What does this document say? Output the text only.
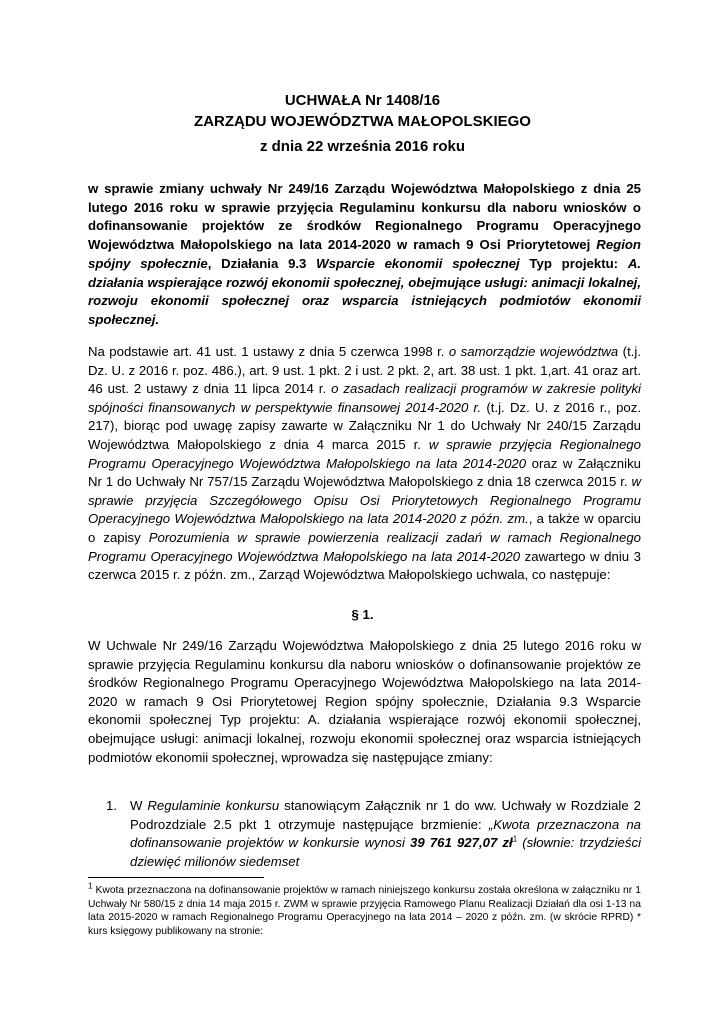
UCHWAŁA Nr 1408/16
ZARZĄDU WOJEWÓDZTWA MAŁOPOLSKIEGO
z dnia 22 września 2016 roku
w sprawie zmiany uchwały Nr 249/16 Zarządu Województwa Małopolskiego z dnia 25 lutego 2016 roku w sprawie przyjęcia Regulaminu konkursu dla naboru wniosków o dofinansowanie projektów ze środków Regionalnego Programu Operacyjnego Województwa Małopolskiego na lata 2014-2020 w ramach 9 Osi Priorytetowej Region spójny społecznie, Działania 9.3 Wsparcie ekonomii społecznej Typ projektu: A. działania wspierające rozwój ekonomii społecznej, obejmujące usługi: animacji lokalnej, rozwoju ekonomii społecznej oraz wsparcia istniejących podmiotów ekonomii społecznej.
Na podstawie art. 41 ust. 1 ustawy z dnia 5 czerwca 1998 r. o samorządzie województwa (t.j. Dz. U. z 2016 r. poz. 486.), art. 9 ust. 1 pkt. 2 i ust. 2 pkt. 2, art. 38 ust. 1 pkt. 1,art. 41 oraz art. 46 ust. 2 ustawy z dnia 11 lipca 2014 r. o zasadach realizacji programów w zakresie polityki spójności finansowanych w perspektywie finansowej 2014-2020 r. (t.j. Dz. U. z 2016 r., poz. 217), biorąc pod uwagę zapisy zawarte w Załączniku Nr 1 do Uchwały Nr 240/15 Zarządu Województwa Małopolskiego z dnia 4 marca 2015 r. w sprawie przyjęcia Regionalnego Programu Operacyjnego Województwa Małopolskiego na lata 2014-2020 oraz w Załączniku Nr 1 do Uchwały Nr 757/15 Zarządu Województwa Małopolskiego z dnia 18 czerwca 2015 r. w sprawie przyjęcia Szczegółowego Opisu Osi Priorytetowych Regionalnego Programu Operacyjnego Województwa Małopolskiego na lata 2014-2020 z późn. zm., a także w oparciu o zapisy Porozumienia w sprawie powierzenia realizacji zadań w ramach Regionalnego Programu Operacyjnego Województwa Małopolskiego na lata 2014-2020 zawartego w dniu 3 czerwca 2015 r. z późn. zm., Zarząd Województwa Małopolskiego uchwala, co następuje:
§ 1.
W Uchwale Nr 249/16 Zarządu Województwa Małopolskiego z dnia 25 lutego 2016 roku w sprawie przyjęcia Regulaminu konkursu dla naboru wniosków o dofinansowanie projektów ze środków Regionalnego Programu Operacyjnego Województwa Małopolskiego na lata 2014-2020 w ramach 9 Osi Priorytetowej Region spójny społecznie, Działania 9.3 Wsparcie ekonomii społecznej Typ projektu: A. działania wspierające rozwój ekonomii społecznej, obejmujące usługi: animacji lokalnej, rozwoju ekonomii społecznej oraz wsparcia istniejących podmiotów ekonomii społecznej, wprowadza się następujące zmiany:
1. W Regulaminie konkursu stanowiącym Załącznik nr 1 do ww. Uchwały w Rozdziale 2 Podrozdziale 2.5 pkt 1 otrzymuje następujące brzmienie: „Kwota przeznaczona na dofinansowanie projektów w konkursie wynosi 39 761 927,07 $zł^1$ (słownie: trzydzieści dziewięć milionów siedemset
$^1$ Kwota przeznaczona na dofinansowanie projektów w ramach niniejszego konkursu została określona w załączniku nr 1 Uchwały Nr 580/15 z dnia 14 maja 2015 r. ZWM w sprawie przyjęcia Ramowego Planu Realizacji Działań dla osi 1-13 na lata 2015-2020 w ramach Regionalnego Programu Operacyjnego na lata 2014 – 2020 z późn. zm. (w skrócie RPRD) * kurs księgowy publikowany na stronie:
